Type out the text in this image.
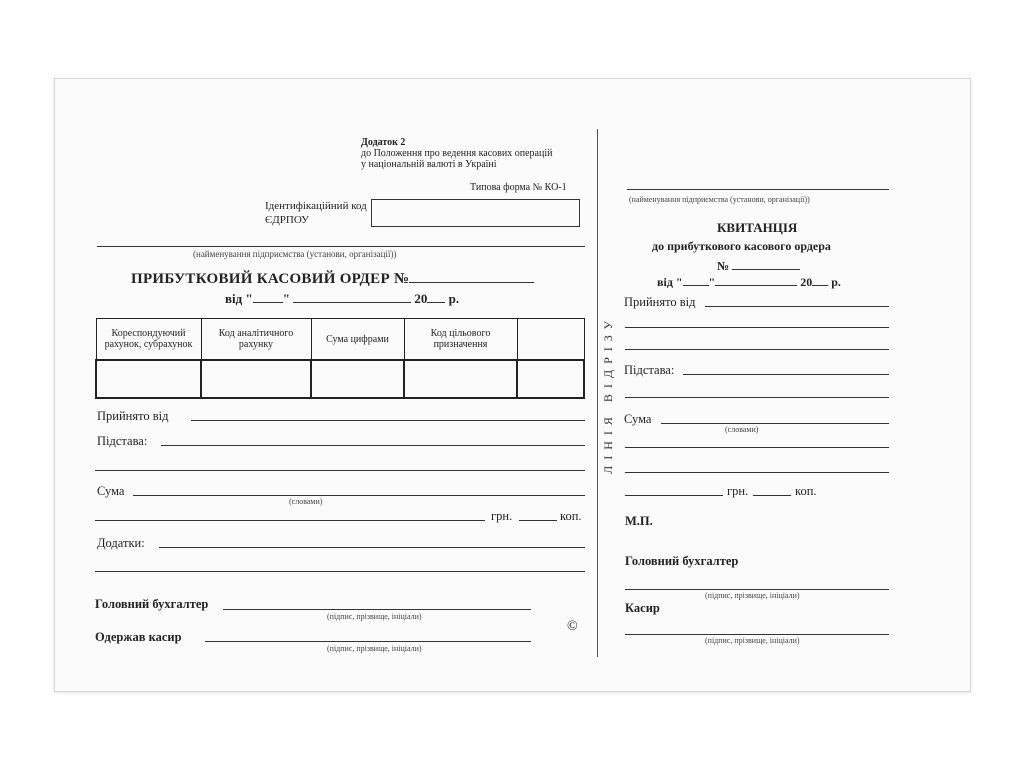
Додаток 2
до Положення про ведення касових операцій
у національній валюті в Україні
Типова форма № КО-1
Ідентифікаційний код ЄДРПОУ
(найменування підприємства (установи, організації))
ПРИБУТКОВИЙ КАСОВИЙ ОРДЕР №
від " "	20 р.
Кореспондуючий рахунок, субрахунок	Код аналітичного рахунку	Сума цифрами	Код цільового призначення	

Прийнято від
Підстава:
Сума
(словами)
грн.	коп.
Додатки:
Головний бухгалтер
(підпис, прізвище, ініціали)
Одержав касир
(підпис, прізвище, ініціали)
©
ЛІНІЯ ВІДРІЗУ
(найменування підприємства (установи, організації))
КВИТАНЦІЯ
до прибуткового касового ордера
№
від " "	20 р.
Прийнято від
Підстава:
Сума
(словами)
грн.	коп.
М.П.
Головний бухгалтер
(підпис, прізвище, ініціали)
Касир
(підпис, прізвище, ініціали)
